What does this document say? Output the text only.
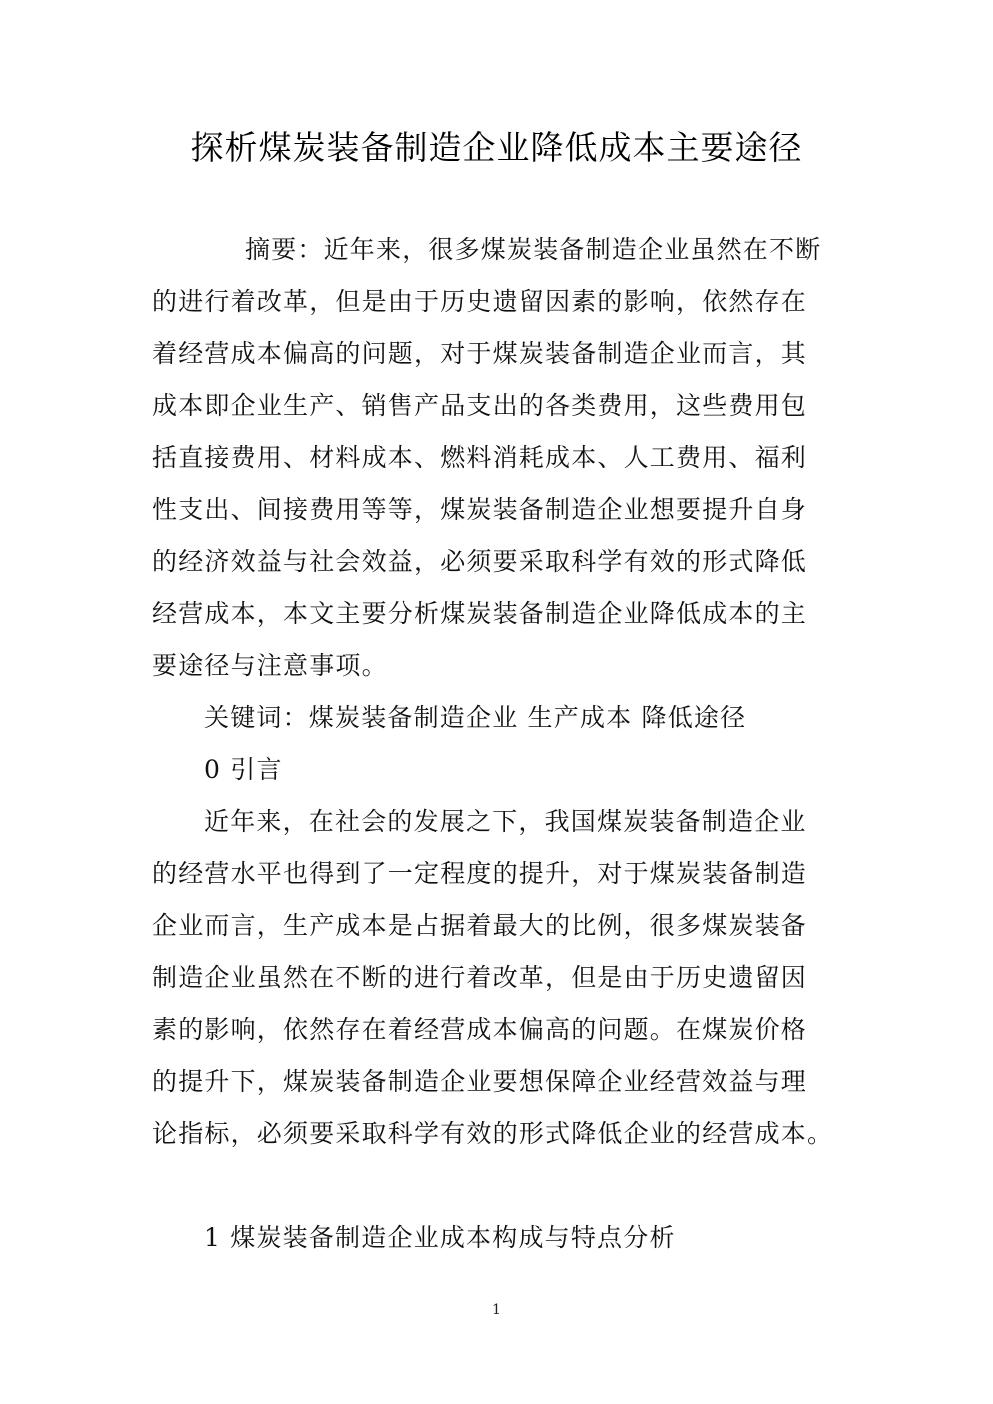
探析煤炭装备制造企业降低成本主要途径
摘要：近年来，很多煤炭装备制造企业虽然在不断
的进行着改革，但是由于历史遗留因素的影响，依然存在
着经营成本偏高的问题，对于煤炭装备制造企业而言，其
成本即企业生产、销售产品支出的各类费用，这些费用包
括直接费用、材料成本、燃料消耗成本、人工费用、福利
性支出、间接费用等等，煤炭装备制造企业想要提升自身
的经济效益与社会效益，必须要采取科学有效的形式降低
经营成本，本文主要分析煤炭装备制造企业降低成本的主
要途径与注意事项。
关键词：煤炭装备制造企业 生产成本 降低途径
0 引言
近年来，在社会的发展之下，我国煤炭装备制造企业
的经营水平也得到了一定程度的提升，对于煤炭装备制造
企业而言，生产成本是占据着最大的比例，很多煤炭装备
制造企业虽然在不断的进行着改革，但是由于历史遗留因
素的影响，依然存在着经营成本偏高的问题。在煤炭价格
的提升下，煤炭装备制造企业要想保障企业经营效益与理
论指标，必须要采取科学有效的形式降低企业的经营成本。
1 煤炭装备制造企业成本构成与特点分析
1
